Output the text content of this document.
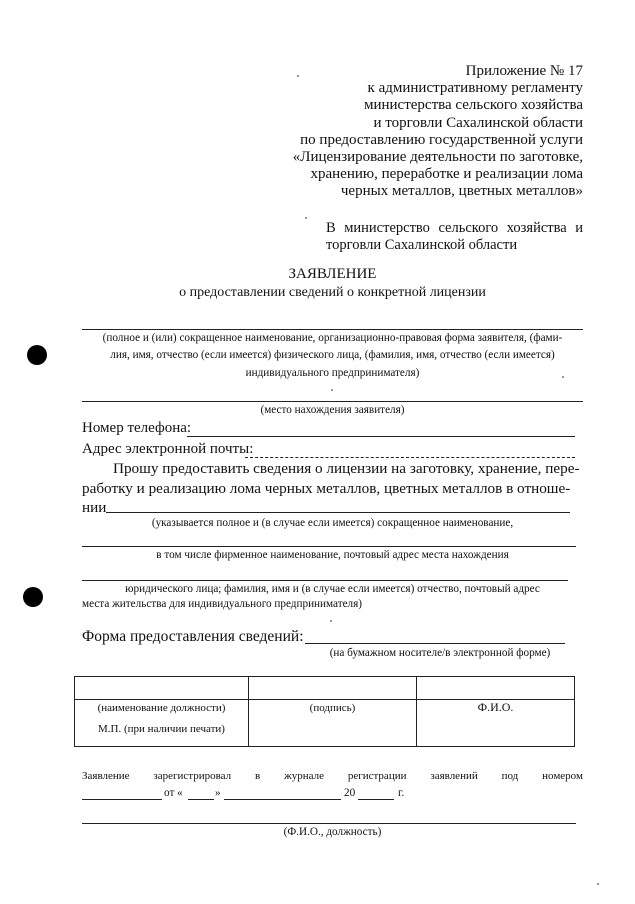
Приложение № 17
к административному регламенту
министерства сельского хозяйства
и торговли Сахалинской области
по предоставлению государственной услуги
«Лицензирование деятельности по заготовке,
хранению, переработке и реализации лома
черных металлов, цветных металлов»
В министерство сельского хозяйства и торговли Сахалинской области
ЗАЯВЛЕНИЕ
о предоставлении сведений о конкретной лицензии
(полное и (или) сокращенное наименование, организационно-правовая форма заявителя, (фами-
лия, имя, отчество (если имеется) физического лица, (фамилия, имя, отчество (если имеется)
индивидуального предпринимателя)
(место нахождения заявителя)
Номер телефона:
Адрес электронной почты:
Прошу предоставить сведения о лицензии на заготовку, хранение, пере-
работку и реализацию лома черных металлов, цветных металлов в отноше-
нии
(указывается полное и (в случае если имеется) сокращенное наименование,
в том числе фирменное наименование, почтовый адрес места нахождения
юридического лица; фамилия, имя и (в случае если имеется) отчество, почтовый адрес
места жительства для индивидуального предпринимателя)
Форма предоставления сведений:
(на бумажном носителе/в электронной форме)

(наименование должности)
М.П. (при наличии печати)	(подпись)	Ф.И.О.
Заявление зарегистрировал в журнале регистрации заявлений под номером
от «	»	20	г.
(Ф.И.О., должность)
